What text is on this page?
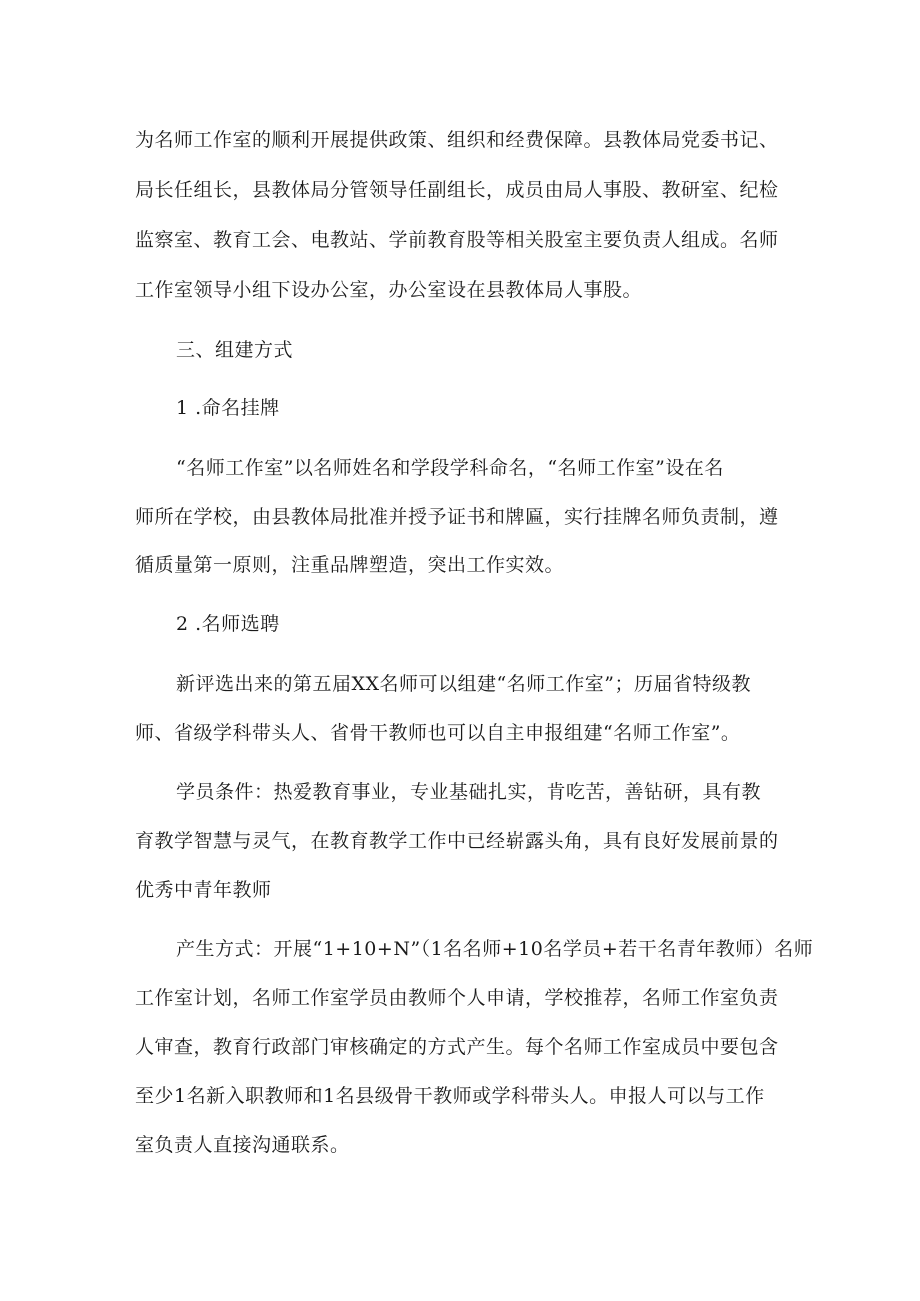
为名师工作室的顺利开展提供政策、组织和经费保障。县教体局党委书记、
局长任组长，县教体局分管领导任副组长，成员由局人事股、教研室、纪检
监察室、教育工会、电教站、学前教育股等相关股室主要负责人组成。名师
工作室领导小组下设办公室，办公室设在县教体局人事股。
三、组建方式
1 .命名挂牌
“名师工作室”以名师姓名和学段学科命名，“名师工作室”设在名
师所在学校，由县教体局批准并授予证书和牌匾，实行挂牌名师负责制，遵
循质量第一原则，注重品牌塑造，突出工作实效。
2 .名师选聘
新评选出来的第五届XX名师可以组建“名师工作室”；历届省特级教
师、省级学科带头人、省骨干教师也可以自主申报组建“名师工作室”。
学员条件：热爱教育事业，专业基础扎实，肯吃苦，善钻研，具有教
育教学智慧与灵气，在教育教学工作中已经崭露头角，具有良好发展前景的
优秀中青年教师
产生方式：开展“1+10+N”（1名名师+10名学员+若干名青年教师）名师
工作室计划，名师工作室学员由教师个人申请，学校推荐，名师工作室负责
人审查，教育行政部门审核确定的方式产生。每个名师工作室成员中要包含
至少1名新入职教师和1名县级骨干教师或学科带头人。申报人可以与工作
室负责人直接沟通联系。
